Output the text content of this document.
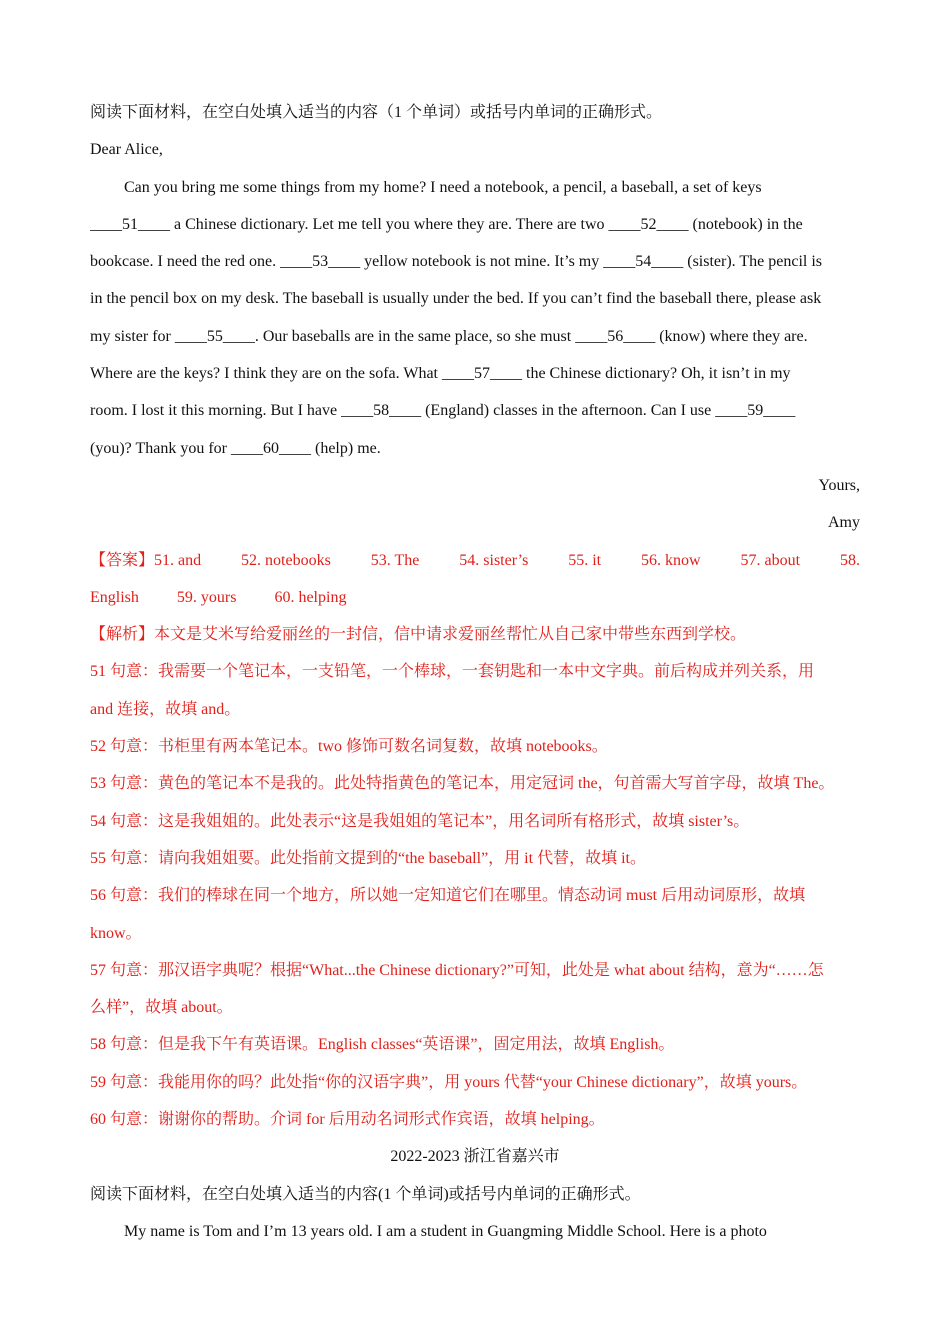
阅读下面材料，在空白处填入适当的内容（1 个单词）或括号内单词的正确形式。
Dear Alice,
Can you bring me some things from my home? I need a notebook, a pencil, a baseball, a set of keys
____51____ a Chinese dictionary. Let me tell you where they are. There are two ____52____ (notebook) in the
bookcase. I need the red one. ____53____ yellow notebook is not mine. It’s my ____54____ (sister). The pencil is
in the pencil box on my desk. The baseball is usually under the bed. If you can’t find the baseball there, please ask
my sister for ____55____. Our baseballs are in the same place, so she must ____56____ (know) where they are.
Where are the keys? I think they are on the sofa. What ____57____ the Chinese dictionary? Oh, it isn’t in my
room. I lost it this morning. But I have ____58____ (England) classes in the afternoon. Can I use ____59____
(you)? Thank you for ____60____ (help) me.
Yours,
Amy
【答案】51. and 52. notebooks 53. The 54. sister’s 55. it 56. know 57. about 58.
English 59. yours 60. helping
【解析】本文是艾米写给爱丽丝的一封信，信中请求爱丽丝帮忙从自己家中带些东西到学校。
51 句意：我需要一个笔记本，一支铅笔，一个棒球，一套钥匙和一本中文字典。前后构成并列关系，用
and 连接，故填 and。
52 句意：书柜里有两本笔记本。two 修饰可数名词复数，故填 notebooks。
53 句意：黄色的笔记本不是我的。此处特指黄色的笔记本，用定冠词 the，句首需大写首字母，故填 The。
54 句意：这是我姐姐的。此处表示“这是我姐姐的笔记本”，用名词所有格形式，故填 sister’s。
55 句意：请向我姐姐要。此处指前文提到的“the baseball”，用 it 代替，故填 it。
56 句意：我们的棒球在同一个地方，所以她一定知道它们在哪里。情态动词 must 后用动词原形，故填
know。
57 句意：那汉语字典呢？根据“What...the Chinese dictionary?”可知，此处是 what about 结构，意为“……怎
么样”，故填 about。
58 句意：但是我下午有英语课。English classes“英语课”，固定用法，故填 English。
59 句意：我能用你的吗？此处指“你的汉语字典”，用 yours 代替“your Chinese dictionary”，故填 yours。
60 句意：谢谢你的帮助。介词 for 后用动名词形式作宾语，故填 helping。
2022-2023 浙江省嘉兴市
阅读下面材料，在空白处填入适当的内容(1 个单词)或括号内单词的正确形式。
My name is Tom and I’m 13 years old. I am a student in Guangming Middle School. Here is a photo
